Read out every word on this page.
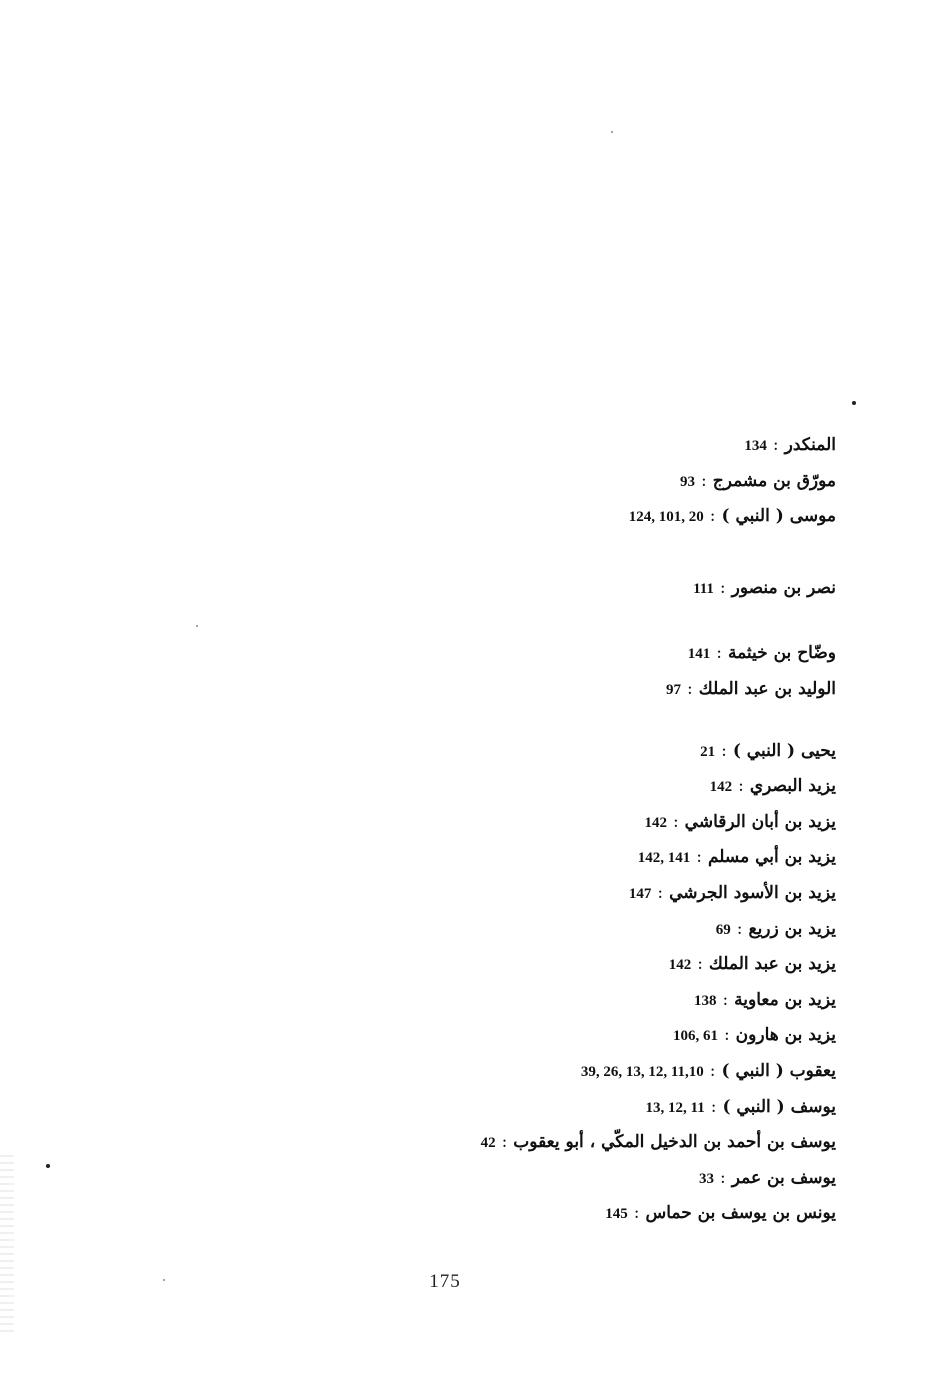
المنكدر:134
مورّق بن مشمرج:93
موسى ( النبي ):124, 101, 20
نصر بن منصور:111
وضّاح بن خيثمة:141
الوليد بن عبد الملك:97
يحيى ( النبي ):21
يزيد البصري:142
يزيد بن أبان الرقاشي:142
يزيد بن أبي مسلم:142, 141
يزيد بن الأسود الجرشي:147
يزيد بن زريع:69
يزيد بن عبد الملك:142
يزيد بن معاوية:138
يزيد بن هارون:106, 61
يعقوب ( النبي ):39, 26, 13, 12, 11,10
يوسف ( النبي ):13, 12, 11
يوسف بن أحمد بن الدخيل المكّي ، أبو يعقوب:42
يوسف بن عمر:33
يونس بن يوسف بن حماس:145
175
